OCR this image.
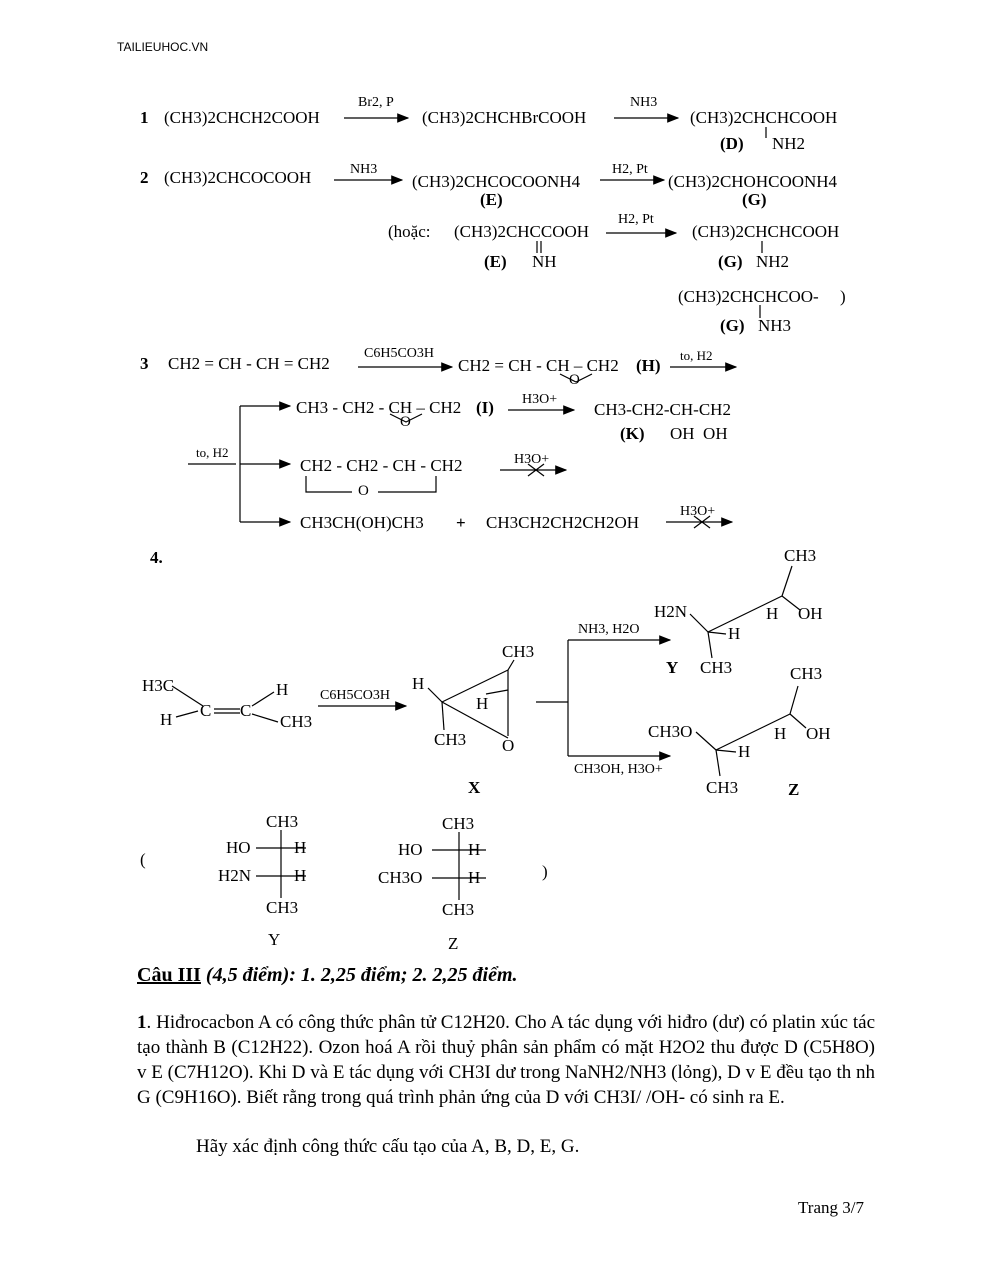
TAILIEUHOC.VN
1 (CH3)2CHCH2COOH
Br2, P
(CH3)2CHCHBrCOOH
NH3
(CH3)2CHCHCOOH
NH2
(D)
2 (CH3)2CHCOCOOH	NH3
(CH3)2CHCOCOONH4
(E)
H2, Pt
(CH3)2CHOHCOONH4
(G)
(hoặc: (CH3)2CHCCOOH
NH
(E)
H2, Pt
(CH3)2CHCHCOOH
NH2
(G)
(CH3)2CHCHCOO- )
NH3
(G)
3 CH2 = CH - CH = CH2
C6H5CO3H
CH2 = CH - CH – CH2
O
(H)
to, H2
to, H2
CH3 - CH2 - CH – CH2
O
(I) H3O+
CH3-CH2-CH-CH2
OH  OH
(K)
CH2 - CH2 - CH - CH2
O
H3O+
CH3CH(OH)CH3 + CH3CH2CH2CH2OH
H3O+
4.
H3C
H C C
H
CH3
C6H5CO3H
H
H
CH3
CH3 O
X
NH3, H2O
CH3OH, H3O+
H2N
H
CH3
CH3
H OH
Y
CH3O
H
CH3
CH3
H OH
Z
(
)
CH3
HO	H
H2N	H
CH3
Y
CH3
HO	H
CH3O	H
CH3
Z
Câu III (4,5 điểm): 1. 2,25 điểm; 2. 2,25 điểm.
1. Hiđrocacbon A có công thức phân tử C12H20. Cho A tác dụng với hiđro (dư) có platin xúc tác tạo thành B (C12H22). Ozon hoá A rồi thuỷ phân sản phẩm có mặt H2O2 thu được D (C5H8O) v E (C7H12O). Khi D và E tác dụng với CH3I dư trong NaNH2/NH3 (lỏng), D v E đều tạo th nh G (C9H16O). Biết rằng trong quá trình phản ứng của D với CH3I/ /OH- có sinh ra E.
Hãy xác định công thức cấu tạo của A, B, D, E, G.
Trang 3/7
